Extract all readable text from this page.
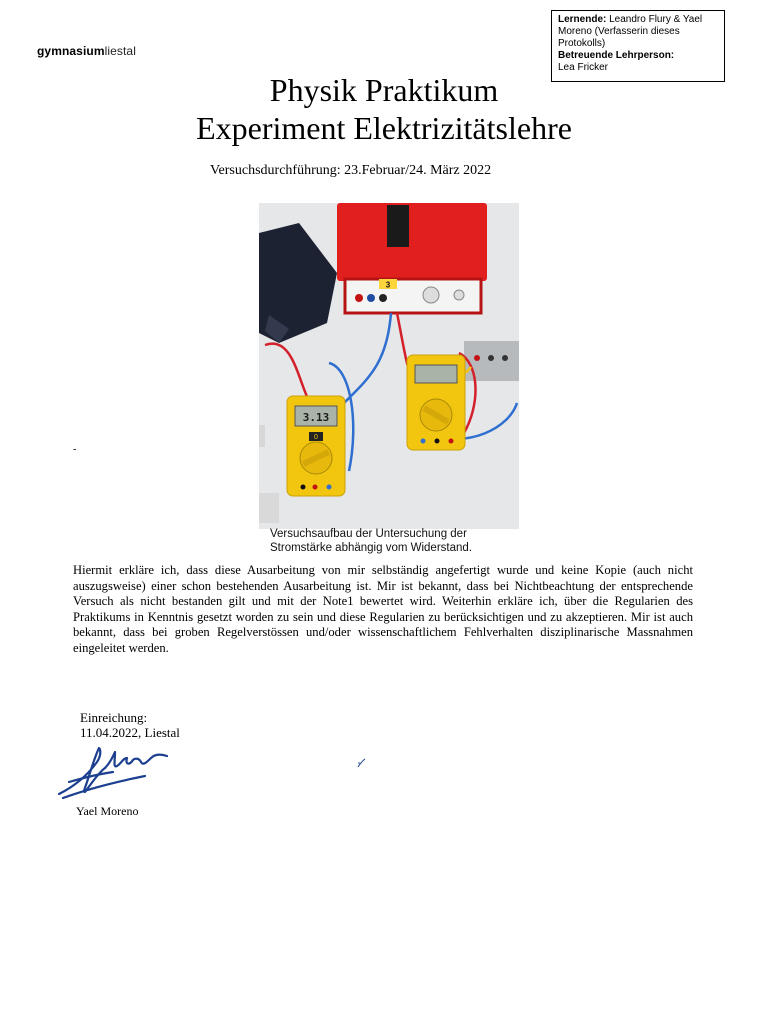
gymnasiumliestal
Lernende: Leandro Flury & Yael Moreno (Verfasserin dieses Protokolls)
Betreuende Lehrperson:
Lea Fricker
Physik Praktikum
Experiment Elektrizitätslehre
Versuchsdurchführung: 23.Februar/24. März 2022
-
3
3.13
0
Versuchsaufbau der Untersuchung der
Stromstärke abhängig vom Widerstand.
Hiermit erkläre ich, dass diese Ausarbeitung von mir selbständig angefertigt wurde und keine Kopie (auch nicht auszugsweise) einer schon bestehenden Ausarbeitung ist. Mir ist bekannt, dass bei Nichtbeachtung der entsprechende Versuch als nicht bestanden gilt und mit der Note1 bewertet wird. Weiterhin erkläre ich, über die Regularien des Praktikums in Kenntnis gesetzt worden zu sein und diese Regularien zu berücksichtigen und zu akzeptieren. Mir ist auch bekannt, dass bei groben Regelverstössen und/oder wissenschaftlichem Fehlverhalten disziplinarische Massnahmen eingeleitet werden.
Einreichung:
11.04.2022, Liestal
Yael Moreno
